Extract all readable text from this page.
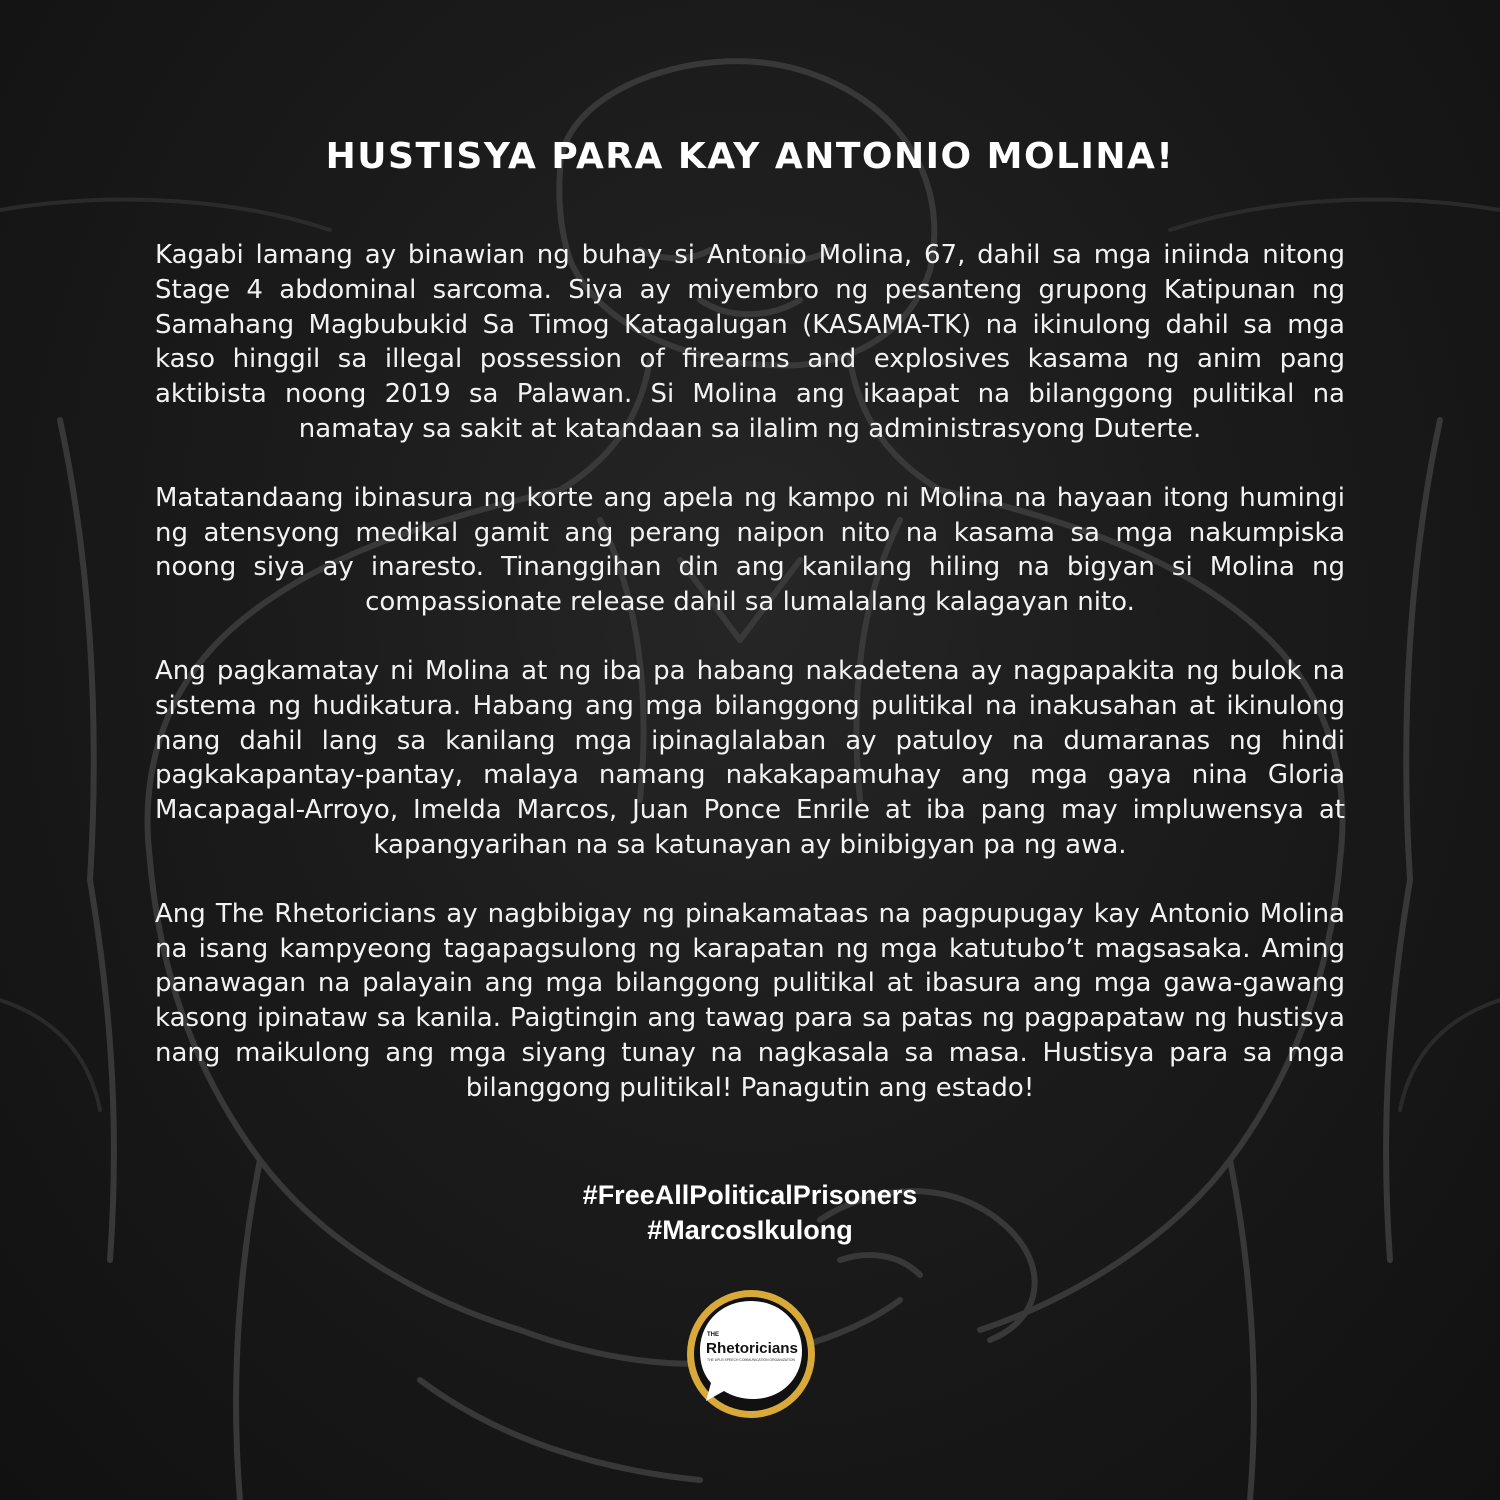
HUSTISYA PARA KAY ANTONIO MOLINA!

Kagabi lamang ay binawian ng buhay si Antonio Molina, 67, dahil sa mga iniinda nitong Stage 4 abdominal sarcoma. Siya ay miyembro ng pesanteng grupong Katipunan ng Samahang Magbubukid Sa Timog Katagalugan (KASAMA-TK) na ikinulong dahil sa mga kaso hinggil sa illegal possession of firearms and explosives kasama ng anim pang aktibista noong 2019 sa Palawan. Si Molina ang ikaapat na bilanggong pulitikal na namatay sa sakit at katandaan sa ilalim ng administrasyong Duterte.

Matatandaang ibinasura ng korte ang apela ng kampo ni Molina na hayaan itong humingi ng atensyong medikal gamit ang perang naipon nito na kasama sa mga nakumpiska noong siya ay inaresto. Tinanggihan din ang kanilang hiling na bigyan si Molina ng compassionate release dahil sa lumalalang kalagayan nito.

Ang pagkamatay ni Molina at ng iba pa habang nakadetena ay nagpapakita ng bulok na sistema ng hudikatura. Habang ang mga bilanggong pulitikal na inakusahan at ikinulong nang dahil lang sa kanilang mga ipinaglalaban ay patuloy na dumaranas ng hindi pagkakapantay-pantay, malaya namang nakakapamuhay ang mga gaya nina Gloria Macapagal-Arroyo, Imelda Marcos, Juan Ponce Enrile at iba pang may impluwensya at kapangyarihan na sa katunayan ay binibigyan pa ng awa.

Ang The Rhetoricians ay nagbibigay ng pinakamataas na pagpupugay kay Antonio Molina na isang kampyeong tagapagsulong ng karapatan ng mga katutubo’t magsasaka. Aming panawagan na palayain ang mga bilanggong pulitikal at ibasura ang mga gawa-gawang kasong ipinataw sa kanila. Paigtingin ang tawag para sa patas ng pagpapataw ng hustisya nang maikulong ang mga siyang tunay na nagkasala sa masa. Hustisya para sa mga bilanggong pulitikal! Panagutin ang estado!

#FreeAllPoliticalPrisoners
#MarcosIkulong
THE
Rhetoricians
THE UPLB SPEECH COMMUNICATION ORGANIZATION
